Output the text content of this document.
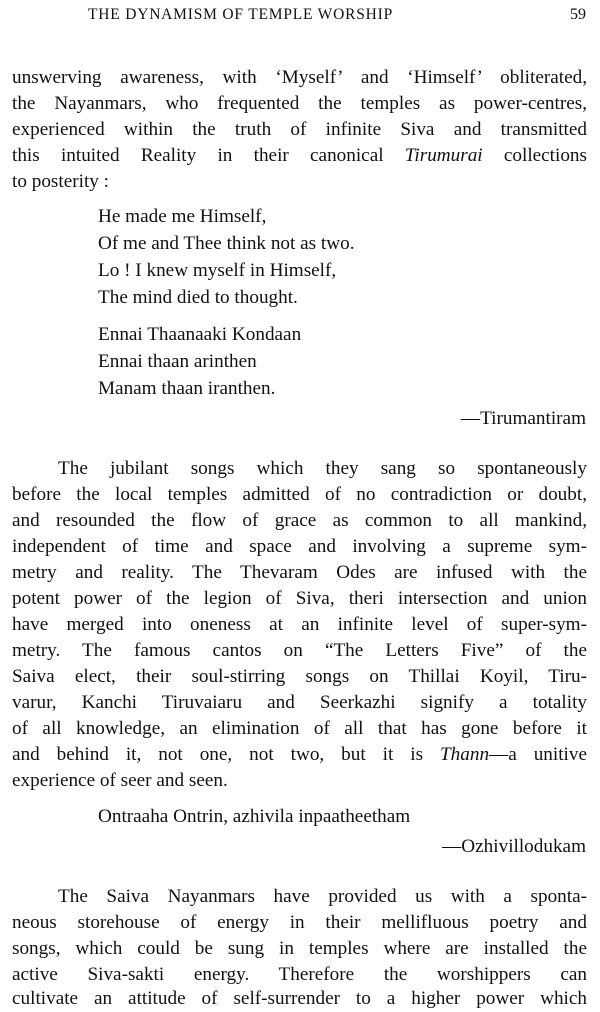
THE DYNAMISM OF TEMPLE WORSHIP	59
unswerving awareness, with ‘Myself’ and ‘Himself’ obliterated,
the Nayanmars, who frequented the temples as power-centres,
experienced within the truth of infinite Siva and transmitted
this intuited Reality in their canonical Tirumurai collections
to posterity :
He made me Himself,
Of me and Thee think not as two.
Lo ! I knew myself in Himself,
The mind died to thought.
Ennai Thaanaaki Kondaan
Ennai thaan arinthen
Manam thaan iranthen.
—Tirumantiram
The jubilant songs which they sang so spontaneously
before the local temples admitted of no contradiction or doubt,
and resounded the flow of grace as common to all mankind,
independent of time and space and involving a supreme sym-
metry and reality. The Thevaram Odes are infused with the
potent power of the legion of Siva, theri intersection and union
have merged into oneness at an infinite level of super-sym-
metry. The famous cantos on “The Letters Five” of the
Saiva elect, their soul-stirring songs on Thillai Koyil, Tiru-
varur, Kanchi Tiruvaiaru and Seerkazhi signify a totality
of all knowledge, an elimination of all that has gone before it
and behind it, not one, not two, but it is Thann—a unitive
experience of seer and seen.
Ontraaha Ontrin, azhivila inpaatheetham
—Ozhivillodukam
The Saiva Nayanmars have provided us with a sponta-
neous storehouse of energy in their mellifluous poetry and
songs, which could be sung in temples where are installed the
active Siva-sakti energy. Therefore the worshippers can
cultivate an attitude of self-surrender to a higher power which
